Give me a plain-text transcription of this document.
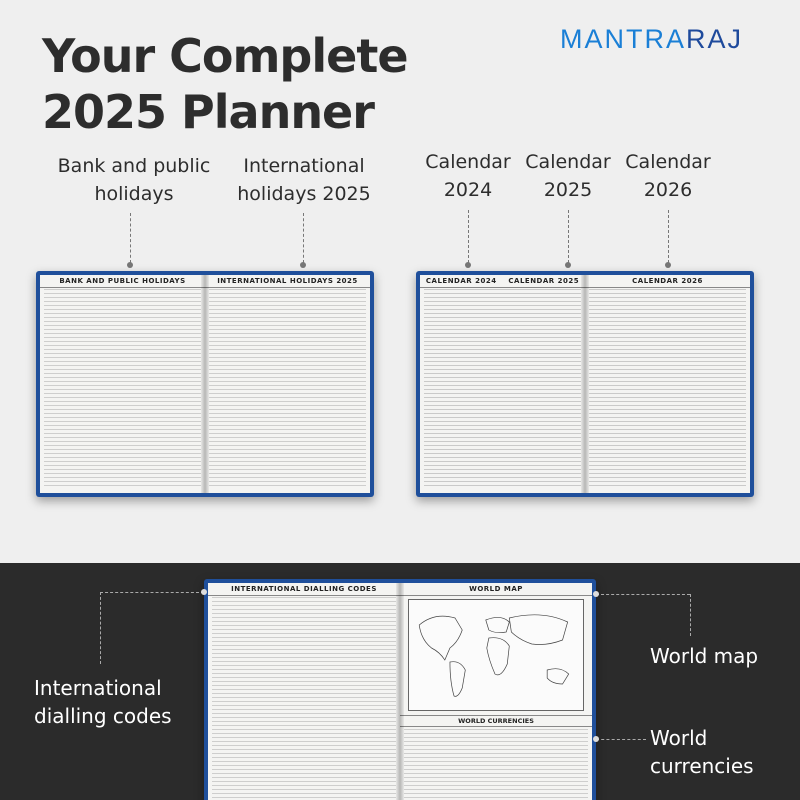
Your Complete
2025 Planner
MANTRARAJ
Bank and public
holidays
International
holidays 2025
Calendar
2024
Calendar
2025
Calendar
2026
BANK AND PUBLIC HOLIDAYS	INTERNATIONAL HOLIDAYS 2025	CALENDAR 2024 CALENDAR 2025	CALENDAR 2026
INTERNATIONAL DIALLING CODES	WORLD MAP
WORLD CURRENCIES
International
dialling codes
World map
World
currencies
